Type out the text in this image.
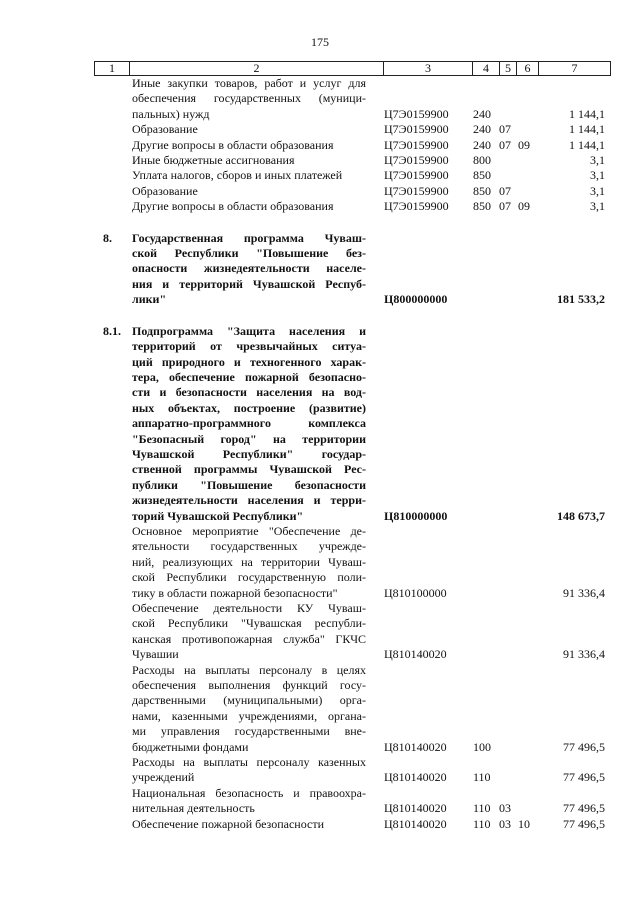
175
1	2	3	4	5	6	7
Иные закупки товаров, работ и услуг для
обеспечения государственных (муници-
пальных) нужд	Ц7Э0159900 240	1 144,1
Образование	Ц7Э0159900 240 07	1 144,1
Другие вопросы в области образования	Ц7Э0159900 240 07 09	1 144,1
Иные бюджетные ассигнования	Ц7Э0159900 800	3,1
Уплата налогов, сборов и иных платежей	Ц7Э0159900 850	3,1
Образование	Ц7Э0159900 850 07	3,1
Другие вопросы в области образования	Ц7Э0159900 850 07 09	3,1
8. Государственная программа Чуваш-
ской Республики "Повышение без-
опасности жизнедеятельности населе-
ния и территорий Чувашской Респуб-
лики"	Ц800000000	181 533,2
8.1. Подпрограмма "Защита населения и
территорий от чрезвычайных ситуа-
ций природного и техногенного харак-
тера, обеспечение пожарной безопасно-
сти и безопасности населения на вод-
ных объектах, построение (развитие)
аппаратно-программного комплекса
"Безопасный город" на территории
Чувашской Республики" государ-
ственной программы Чувашской Рес-
публики "Повышение безопасности
жизнедеятельности населения и терри-
торий Чувашской Республики"	Ц810000000	148 673,7
Основное мероприятие "Обеспечение де-
ятельности государственных учрежде-
ний, реализующих на территории Чуваш-
ской Республики государственную поли-
тику в области пожарной безопасности"	Ц810100000	91 336,4
Обеспечение деятельности КУ Чуваш-
ской Республики "Чувашская республи-
канская противопожарная служба" ГКЧС
Чувашии	Ц810140020	91 336,4
Расходы на выплаты персоналу в целях
обеспечения выполнения функций госу-
дарственными (муниципальными) орга-
нами, казенными учреждениями, органа-
ми управления государственными вне-
бюджетными фондами	Ц810140020 100	77 496,5
Расходы на выплаты персоналу казенных
учреждений	Ц810140020 110	77 496,5
Национальная безопасность и правоохра-
нительная деятельность	Ц810140020 110 03	77 496,5
Обеспечение пожарной безопасности	Ц810140020 110 03 10	77 496,5
